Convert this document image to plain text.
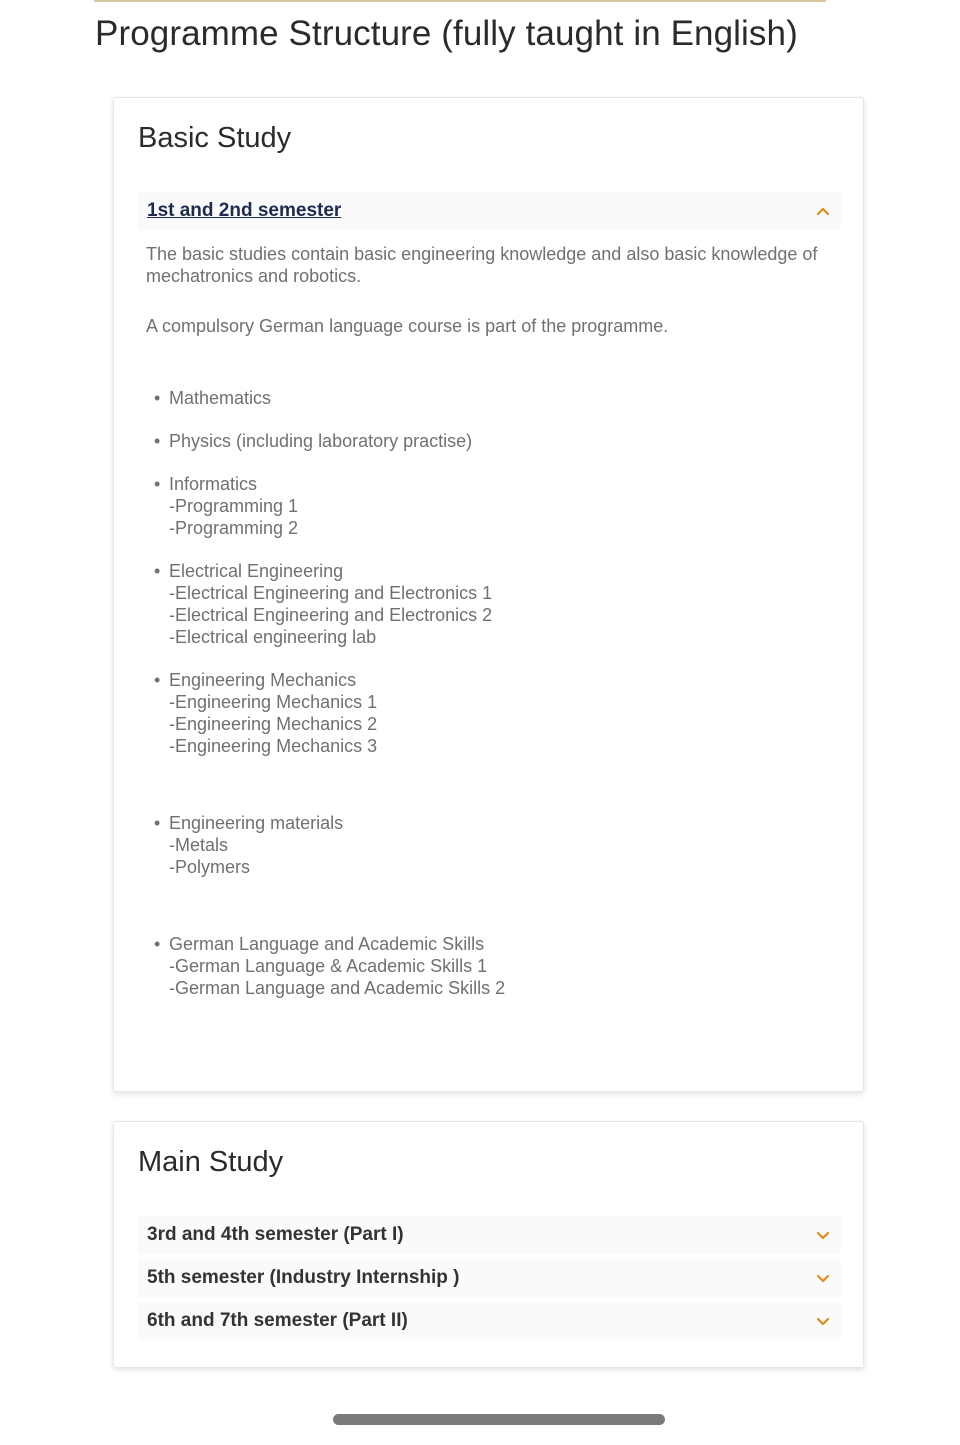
Programme Structure (fully taught in English)
Basic Study
1st and 2nd semester

The basic studies contain basic engineering knowledge and also basic knowledge of mechatronics and robotics.

A compulsory German language course is part of the programme.

• Mathematics
• Physics (including laboratory practise)
• Informatics
-Programming 1
-Programming 2
• Electrical Engineering
-Electrical Engineering and Electronics 1
-Electrical Engineering and Electronics 2
-Electrical engineering lab
• Engineering Mechanics
-Engineering Mechanics 1
-Engineering Mechanics 2
-Engineering Mechanics 3
• Engineering materials
-Metals
-Polymers
• German Language and Academic Skills
-German Language & Academic Skills 1
-German Language and Academic Skills 2
Main Study
3rd and 4th semester (Part I)
5th semester (Industry Internship )
6th and 7th semester (Part II)
